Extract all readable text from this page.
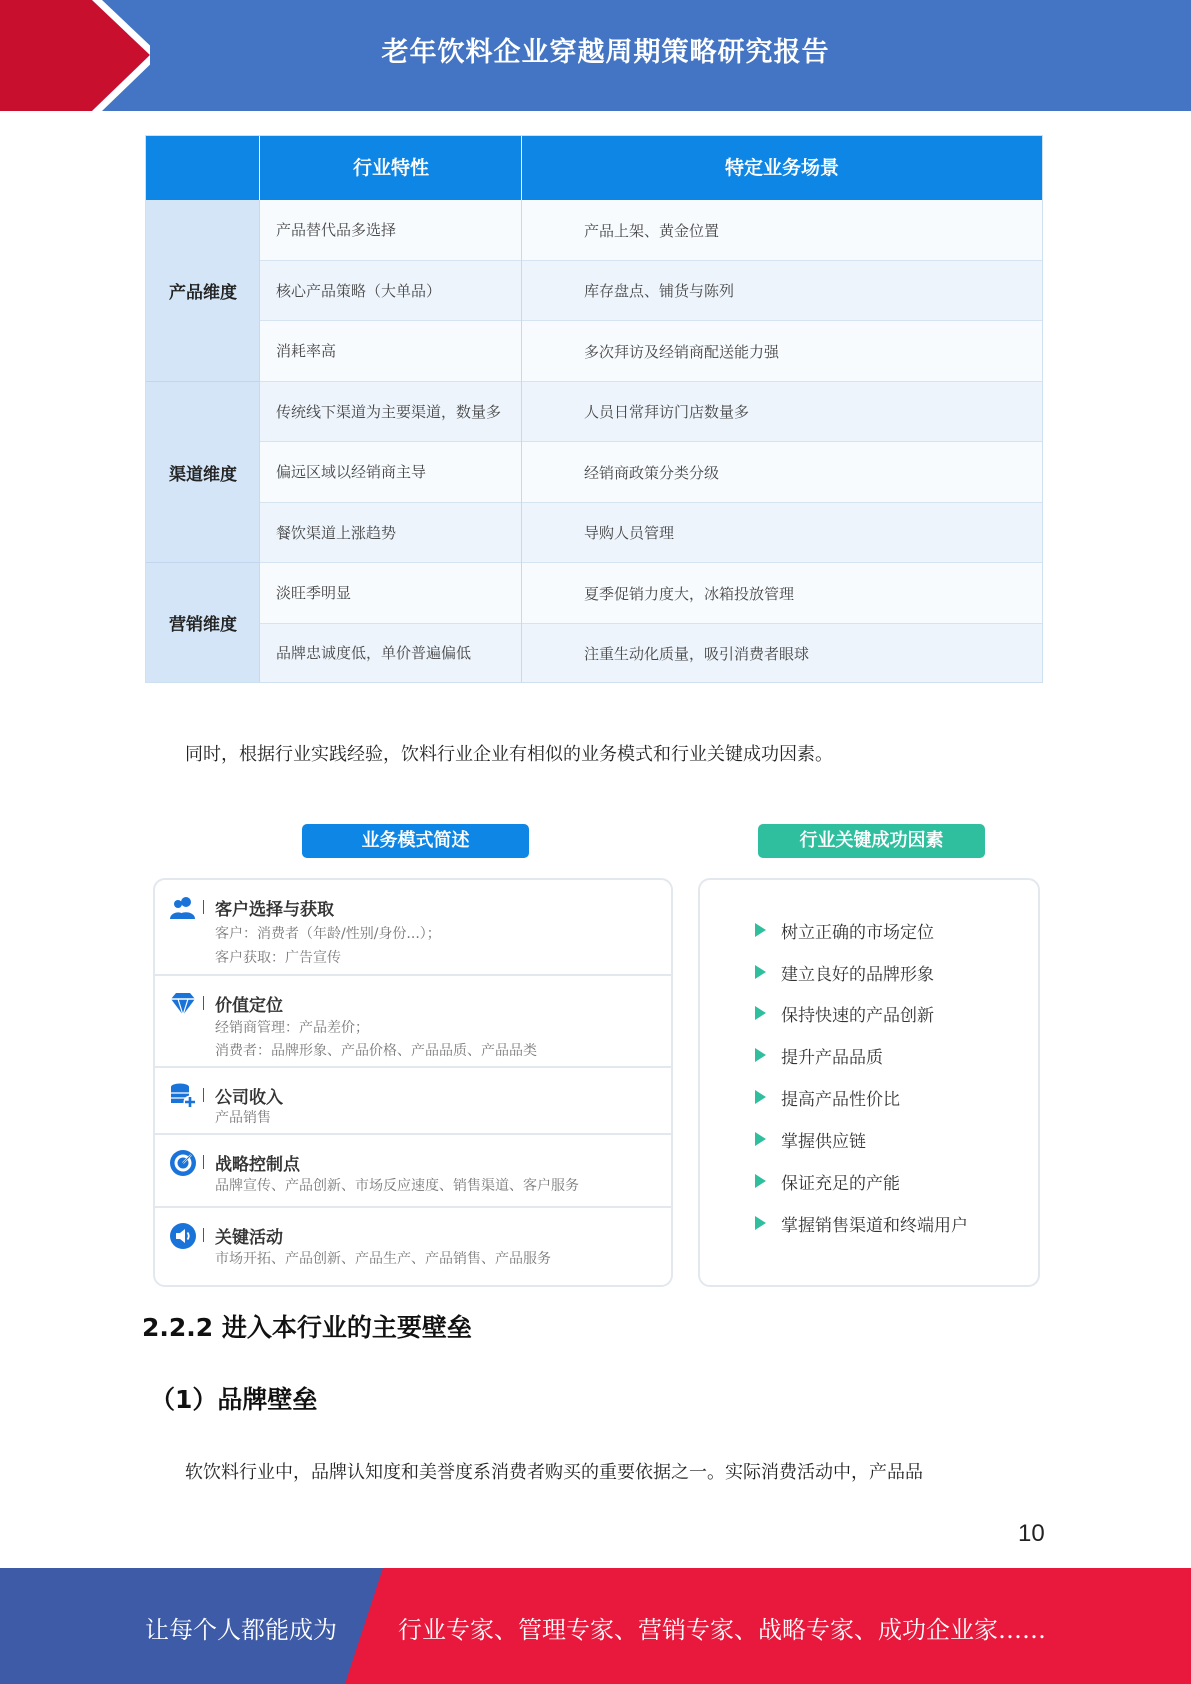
老年饮料企业穿越周期策略研究报告
行业特性	特定业务场景
产品维度
产品替代品多选择	产品上架、黄金位置
核心产品策略（大单品）	库存盘点、铺货与陈列
消耗率高	多次拜访及经销商配送能力强
渠道维度
传统线下渠道为主要渠道，数量多	人员日常拜访门店数量多
偏远区域以经销商主导	经销商政策分类分级
餐饮渠道上涨趋势	导购人员管理
营销维度
淡旺季明显	夏季促销力度大，冰箱投放管理
品牌忠诚度低，单价普遍偏低	注重生动化质量，吸引消费者眼球
同时，根据行业实践经验，饮料行业企业有相似的业务模式和行业关键成功因素。
业务模式简述	行业关键成功因素
客户选择与获取
客户：消费者（年龄/性别/身份...）；
客户获取：广告宣传
价值定位
经销商管理：产品差价；
消费者：品牌形象、产品价格、产品品质、产品品类
公司收入
产品销售
战略控制点
品牌宣传、产品创新、市场反应速度、销售渠道、客户服务
关键活动
市场开拓、产品创新、产品生产、产品销售、产品服务
树立正确的市场定位
建立良好的品牌形象
保持快速的产品创新
提升产品品质
提高产品性价比
掌握供应链
保证充足的产能
掌握销售渠道和终端用户
2.2.2 进入本行业的主要壁垒
（1）品牌壁垒
软饮料行业中，品牌认知度和美誉度系消费者购买的重要依据之一。实际消费活动中，产品品
10
让每个人都能成为	行业专家、管理专家、营销专家、战略专家、成功企业家……
